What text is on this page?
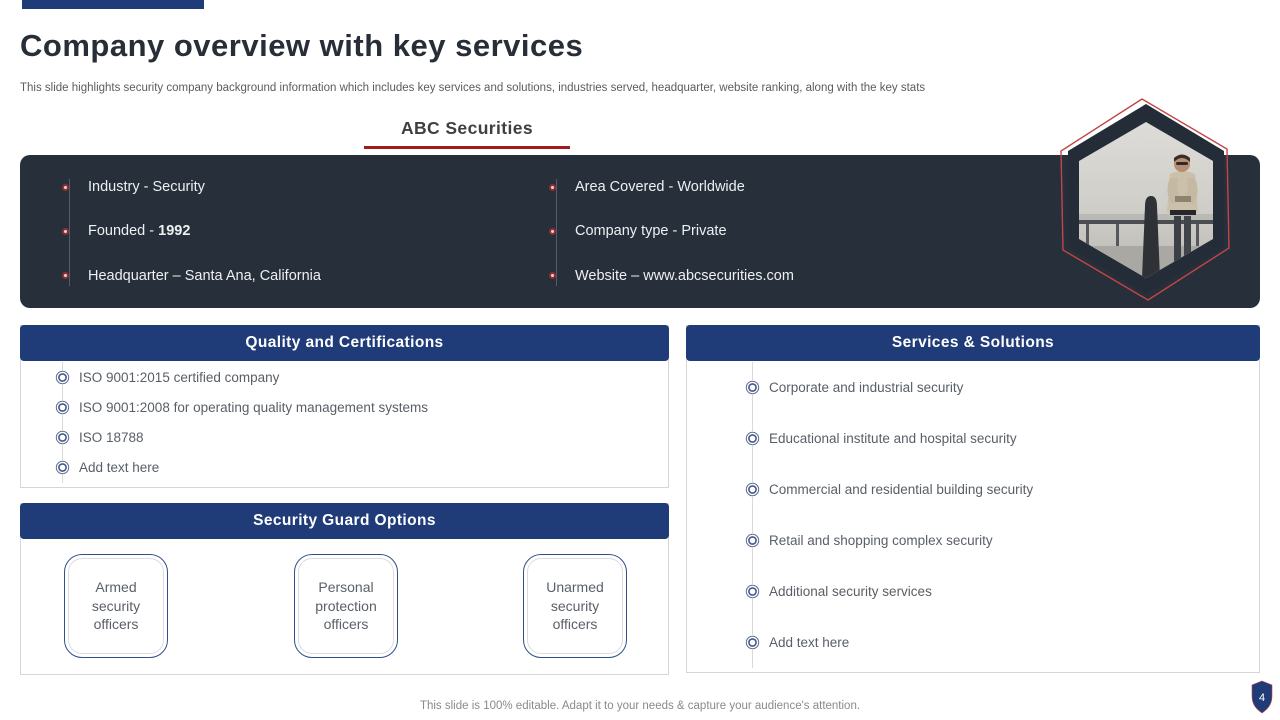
Company overview with key services
This slide highlights security company background information which includes key services and solutions, industries served, headquarter, website ranking, along with the key stats
ABC Securities
Industry - Security
Founded - 1992
Headquarter – Santa Ana, California
Area Covered - Worldwide
Company type - Private
Website – www.abcsecurities.com
Quality and Certifications
ISO 9001:2015 certified company
ISO 9001:2008 for operating quality management systems
ISO 18788
Add text here
Security Guard Options
Armed security officers
Personal protection officers
Unarmed security officers
Services & Solutions
Corporate and industrial security
Educational institute and hospital security
Commercial and residential building security
Retail and shopping complex security
Additional security services
Add text here
This slide is 100% editable. Adapt it to your needs & capture your audience's attention.
4
